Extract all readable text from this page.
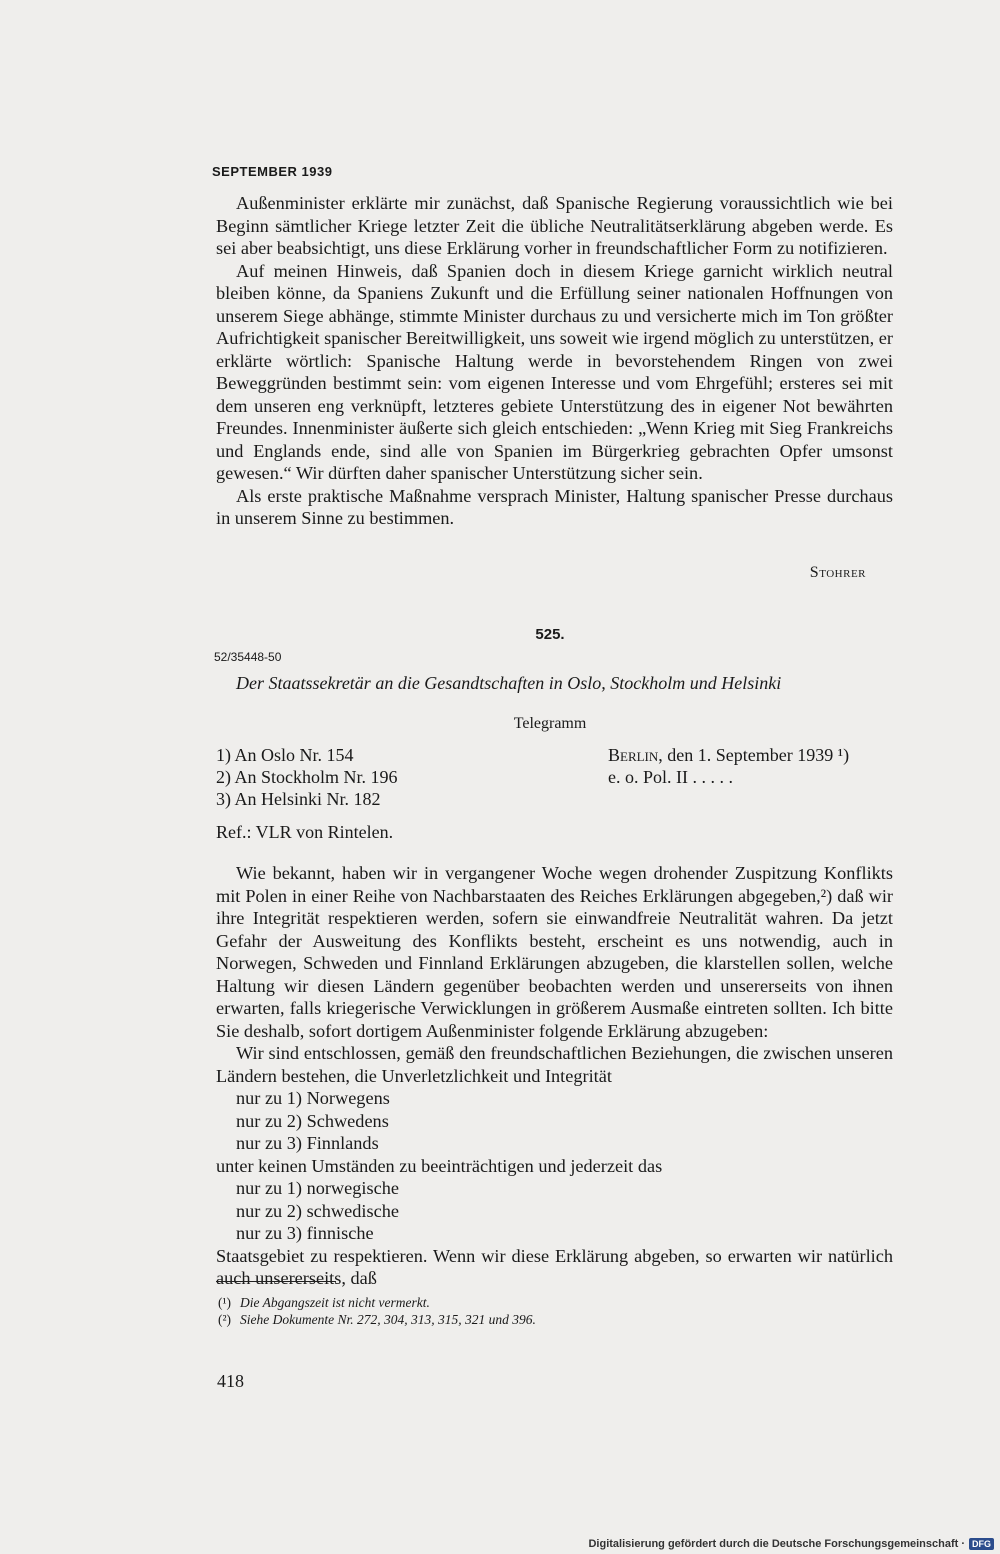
SEPTEMBER 1939

Außenminister erklärte mir zunächst, daß Spanische Regierung voraussichtlich wie bei Beginn sämtlicher Kriege letzter Zeit die übliche Neutralitätserklärung abgeben werde. Es sei aber beabsichtigt, uns diese Erklärung vorher in freundschaftlicher Form zu notifizieren.

Auf meinen Hinweis, daß Spanien doch in diesem Kriege garnicht wirklich neutral bleiben könne, da Spaniens Zukunft und die Erfüllung seiner nationalen Hoffnungen von unserem Siege abhänge, stimmte Minister durchaus zu und versicherte mich im Ton größter Aufrichtigkeit spanischer Bereitwilligkeit, uns soweit wie irgend möglich zu unterstützen, er erklärte wörtlich: Spanische Haltung werde in bevorstehendem Ringen von zwei Beweggründen bestimmt sein: vom eigenen Interesse und vom Ehrgefühl; ersteres sei mit dem unseren eng verknüpft, letzteres gebiete Unterstützung des in eigener Not bewährten Freundes. Innenminister äußerte sich gleich entschieden: „Wenn Krieg mit Sieg Frankreichs und Englands ende, sind alle von Spanien im Bürgerkrieg gebrachten Opfer umsonst gewesen.“ Wir dürften daher spanischer Unterstützung sicher sein.

Als erste praktische Maßnahme versprach Minister, Haltung spanischer Presse durchaus in unserem Sinne zu bestimmen.

Stohrer
525.
52/35448-50
Der Staatssekretär an die Gesandtschaften in Oslo, Stockholm und Helsinki
Telegramm
1) An Oslo Nr. 154
2) An Stockholm Nr. 196
3) An Helsinki Nr. 182
Berlin, den 1. September 1939 ¹)
e. o. Pol. II . . . . .
Ref.: VLR von Rintelen.

Wie bekannt, haben wir in vergangener Woche wegen drohender Zuspitzung Konflikts mit Polen in einer Reihe von Nachbarstaaten des Reiches Erklärungen abgegeben,²) daß wir ihre Integrität respektieren werden, sofern sie einwandfreie Neutralität wahren. Da jetzt Gefahr der Ausweitung des Konflikts besteht, erscheint es uns notwendig, auch in Norwegen, Schweden und Finnland Erklärungen abzugeben, die klarstellen sollen, welche Haltung wir diesen Ländern gegenüber beobachten werden und unsererseits von ihnen erwarten, falls kriegerische Verwicklungen in größerem Ausmaße eintreten sollten. Ich bitte Sie deshalb, sofort dortigem Außenminister folgende Erklärung abzugeben:

Wir sind entschlossen, gemäß den freundschaftlichen Beziehungen, die zwischen unseren Ländern bestehen, die Unverletzlichkeit und Integrität

nur zu 1) Norwegens

nur zu 2) Schwedens

nur zu 3) Finnlands

unter keinen Umständen zu beeinträchtigen und jederzeit das

nur zu 1) norwegische

nur zu 2) schwedische

nur zu 3) finnische

Staatsgebiet zu respektieren. Wenn wir diese Erklärung abgeben, so erwarten wir natürlich auch unsererseits, daß

(¹) Die Abgangszeit ist nicht vermerkt.
(²) Siehe Dokumente Nr. 272, 304, 313, 315, 321 und 396.
418
Digitalisierung gefördert durch die Deutsche Forschungsgemeinschaft · DFG
